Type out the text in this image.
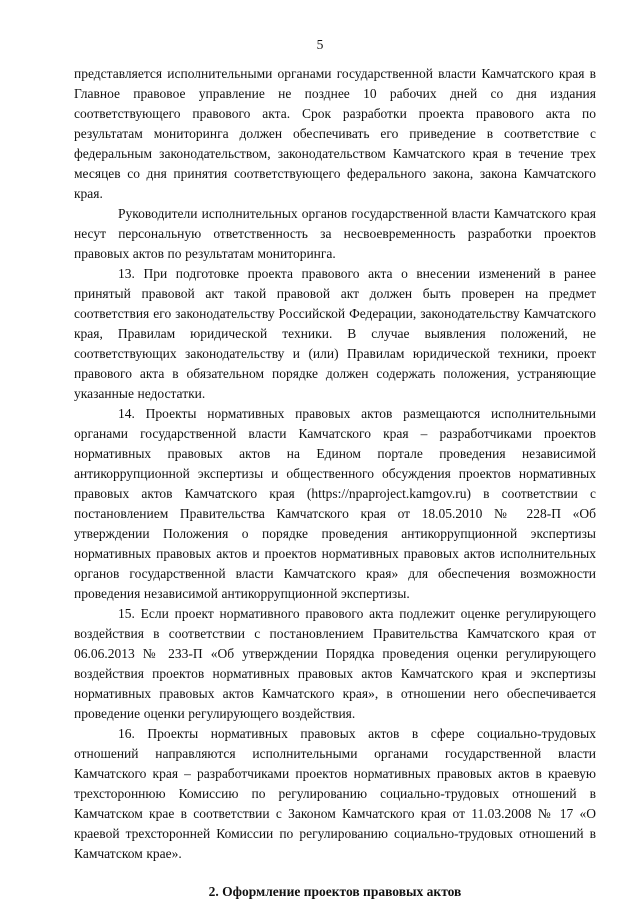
5

представляется исполнительными органами государственной власти Камчатского края в Главное правовое управление не позднее 10 рабочих дней со дня издания соответствующего правового акта. Срок разработки проекта правового акта по результатам мониторинга должен обеспечивать его приведение в соответствие с федеральным законодательством, законодательством Камчатского края в течение трех месяцев со дня принятия соответствующего федерального закона, закона Камчатского края.

Руководители исполнительных органов государственной власти Камчатского края несут персональную ответственность за несвоевременность разработки проектов правовых актов по результатам мониторинга.

13. При подготовке проекта правового акта о внесении изменений в ранее принятый правовой акт такой правовой акт должен быть проверен на предмет соответствия его законодательству Российской Федерации, законодательству Камчатского края, Правилам юридической техники. В случае выявления положений, не соответствующих законодательству и (или) Правилам юридической техники, проект правового акта в обязательном порядке должен содержать положения, устраняющие указанные недостатки.

14. Проекты нормативных правовых актов размещаются исполнительными органами государственной власти Камчатского края – разработчиками проектов нормативных правовых актов на Едином портале проведения независимой антикоррупционной экспертизы и общественного обсуждения проектов нормативных правовых актов Камчатского края (https://npaproject.kamgov.ru) в соответствии с постановлением Правительства Камчатского края от 18.05.2010 № 228-П «Об утверждении Положения о порядке проведения антикоррупционной экспертизы нормативных правовых актов и проектов нормативных правовых актов исполнительных органов государственной власти Камчатского края» для обеспечения возможности проведения независимой антикоррупционной экспертизы.

15. Если проект нормативного правового акта подлежит оценке регулирующего воздействия в соответствии с постановлением Правительства Камчатского края от 06.06.2013 № 233-П «Об утверждении Порядка проведения оценки регулирующего воздействия проектов нормативных правовых актов Камчатского края и экспертизы нормативных правовых актов Камчатского края», в отношении него обеспечивается проведение оценки регулирующего воздействия.

16. Проекты нормативных правовых актов в сфере социально-трудовых отношений направляются исполнительными органами государственной власти Камчатского края – разработчиками проектов нормативных правовых актов в краевую трехстороннюю Комиссию по регулированию социально-трудовых отношений в Камчатском крае в соответствии с Законом Камчатского края от 11.03.2008 № 17 «О краевой трехсторонней Комиссии по регулированию социально-трудовых отношений в Камчатском крае».

2. Оформление проектов правовых актов
